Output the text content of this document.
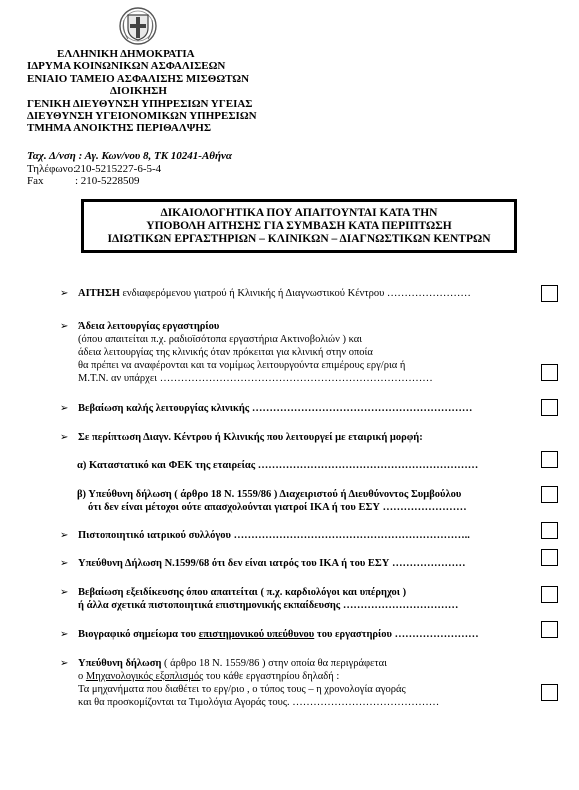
ΕΛΛΗΝΙΚΗ ΔΗΜΟΚΡΑΤΙΑ
ΙΔΡΥΜΑ ΚΟΙΝΩΝΙΚΩΝ ΑΣΦΑΛΙΣΕΩΝ
ΕΝΙΑΙΟ ΤΑΜΕΙΟ ΑΣΦΑΛΙΣΗΣ ΜΙΣΘΩΤΩΝ
ΔΙΟΙΚΗΣΗ
ΓΕΝΙΚΗ ΔΙΕΥΘΥΝΣΗ ΥΠΗΡΕΣΙΩΝ ΥΓΕΙΑΣ
ΔΙΕΥΘΥΝΣΗ ΥΓΕΙΟΝΟΜΙΚΩΝ ΥΠΗΡΕΣΙΩΝ
ΤΜΗΜΑ ΑΝΟΙΚΤΗΣ ΠΕΡΙΘΑΛΨΗΣ
Ταχ. Δ/νση : Αγ. Κων/νου 8, ΤΚ 10241-Αθήνα
Τηλέφωνο:210-5215227-6-5-4
Fax	: 210-5228509
ΔΙΚΑΙΟΛΟΓΗΤΙΚΑ ΠΟΥ ΑΠΑΙΤΟΥΝΤΑΙ ΚΑΤΑ ΤΗΝ
ΥΠΟΒΟΛΗ ΑΙΤΗΣΗΣ ΓΙΑ ΣΥΜΒΑΣΗ ΚΑΤΑ ΠΕΡΙΠΤΩΣΗ
ΙΔΙΩΤΙΚΩΝ ΕΡΓΑΣΤΗΡΙΩΝ – ΚΛΙΝΙΚΩΝ – ΔΙΑΓΝΩΣΤΙΚΩΝ ΚΕΝΤΡΩΝ
➢ ΑΙΤΗΣΗ ενδιαφερόμενου γιατρού ή Κλινικής ή Διαγνωστικού Κέντρου ……………………
➢ Άδεια λειτουργίας εργαστηρίου
(όπου απαιτείται π.χ. ραδιοϊσότοπα εργαστήρια Ακτινοβολιών ) και
άδεια λειτουργίας της κλινικής όταν πρόκειται για κλινική στην οποία
θα πρέπει να αναφέρονται και τα νομίμως λειτουργούντα επιμέρους εργ/ρια ή
Μ.Τ.Ν. αν υπάρχει ……………………………………………………………………
➢ Βεβαίωση καλής λειτουργίας κλινικής ………………………………………………………
➢ Σε περίπτωση Διαγν. Κέντρου ή Κλινικής που λειτουργεί με εταιρική μορφή:
α) Καταστατικό και ΦΕΚ της εταιρείας ………………………………………………………
β) Υπεύθυνη δήλωση ( άρθρο 18 Ν. 1559/86 ) Διαχειριστού ή Διευθύνοντος Συμβούλου
ότι δεν είναι μέτοχοι ούτε απασχολούνται γιατροί ΙΚΑ ή του ΕΣΥ ……………………
➢ Πιστοποιητικό ιατρικού συλλόγου …………………………………………………………..
➢ Υπεύθυνη Δήλωση Ν.1599/68 ότι δεν είναι ιατρός του ΙΚΑ ή του ΕΣΥ …………………
➢ Βεβαίωση εξειδίκευσης όπου απαιτείται ( π.χ. καρδιολόγοι και υπέρηχοι )
ή άλλα σχετικά πιστοποιητικά επιστημονικής εκπαίδευσης ……………………………
➢ Βιογραφικό σημείωμα του επιστημονικού υπεύθυνου του εργαστηρίου ……………………
➢ Υπεύθυνη δήλωση ( άρθρο 18 Ν. 1559/86 ) στην οποία θα περιγράφεται
ο Μηχανολογικός εξοπλισμός του κάθε εργαστηρίου δηλαδή :
Τα μηχανήματα που διαθέτει το εργ/ριο , ο τύπος τους – η χρονολογία αγοράς
και θα προσκομίζονται τα Τιμολόγια Αγοράς τους. ……………………………………
